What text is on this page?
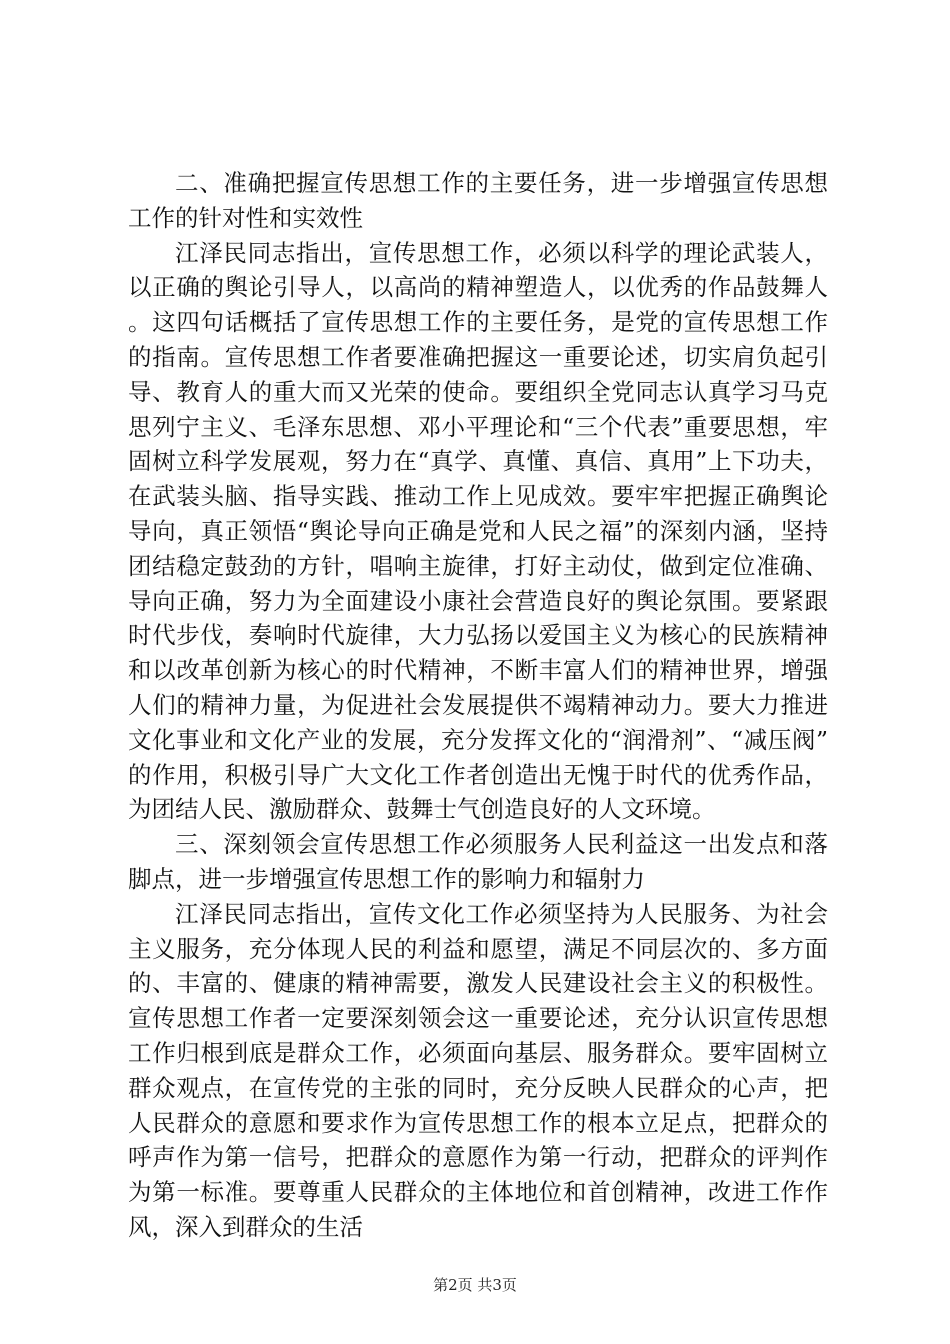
二、准确把握宣传思想工作的主要任务，进一步增强宣传思想工作的针对性和实效性

江泽民同志指出，宣传思想工作，必须以科学的理论武装人，以正确的舆论引导人，以高尚的精神塑造人，以优秀的作品鼓舞人。这四句话概括了宣传思想工作的主要任务，是党的宣传思想工作的指南。宣传思想工作者要准确把握这一重要论述，切实肩负起引导、教育人的重大而又光荣的使命。要组织全党同志认真学习马克思列宁主义、毛泽东思想、邓小平理论和“三个代表”重要思想，牢固树立科学发展观，努力在“真学、真懂、真信、真用”上下功夫，在武装头脑、指导实践、推动工作上见成效。要牢牢把握正确舆论导向，真正领悟“舆论导向正确是党和人民之福”的深刻内涵，坚持团结稳定鼓劲的方针，唱响主旋律，打好主动仗，做到定位准确、导向正确，努力为全面建设小康社会营造良好的舆论氛围。要紧跟时代步伐，奏响时代旋律，大力弘扬以爱国主义为核心的民族精神和以改革创新为核心的时代精神，不断丰富人们的精神世界，增强人们的精神力量，为促进社会发展提供不竭精神动力。要大力推进文化事业和文化产业的发展，充分发挥文化的“润滑剂”、“减压阀”的作用，积极引导广大文化工作者创造出无愧于时代的优秀作品，为团结人民、激励群众、鼓舞士气创造良好的人文环境。

三、深刻领会宣传思想工作必须服务人民利益这一出发点和落脚点，进一步增强宣传思想工作的影响力和辐射力

江泽民同志指出，宣传文化工作必须坚持为人民服务、为社会主义服务，充分体现人民的利益和愿望，满足不同层次的、多方面的、丰富的、健康的精神需要，激发人民建设社会主义的积极性。宣传思想工作者一定要深刻领会这一重要论述，充分认识宣传思想工作归根到底是群众工作，必须面向基层、服务群众。要牢固树立群众观点，在宣传党的主张的同时，充分反映人民群众的心声，把人民群众的意愿和要求作为宣传思想工作的根本立足点，把群众的呼声作为第一信号，把群众的意愿作为第一行动，把群众的评判作为第一标准。要尊重人民群众的主体地位和首创精神，改进工作作风，深入到群众的生活

第2页 共3页
